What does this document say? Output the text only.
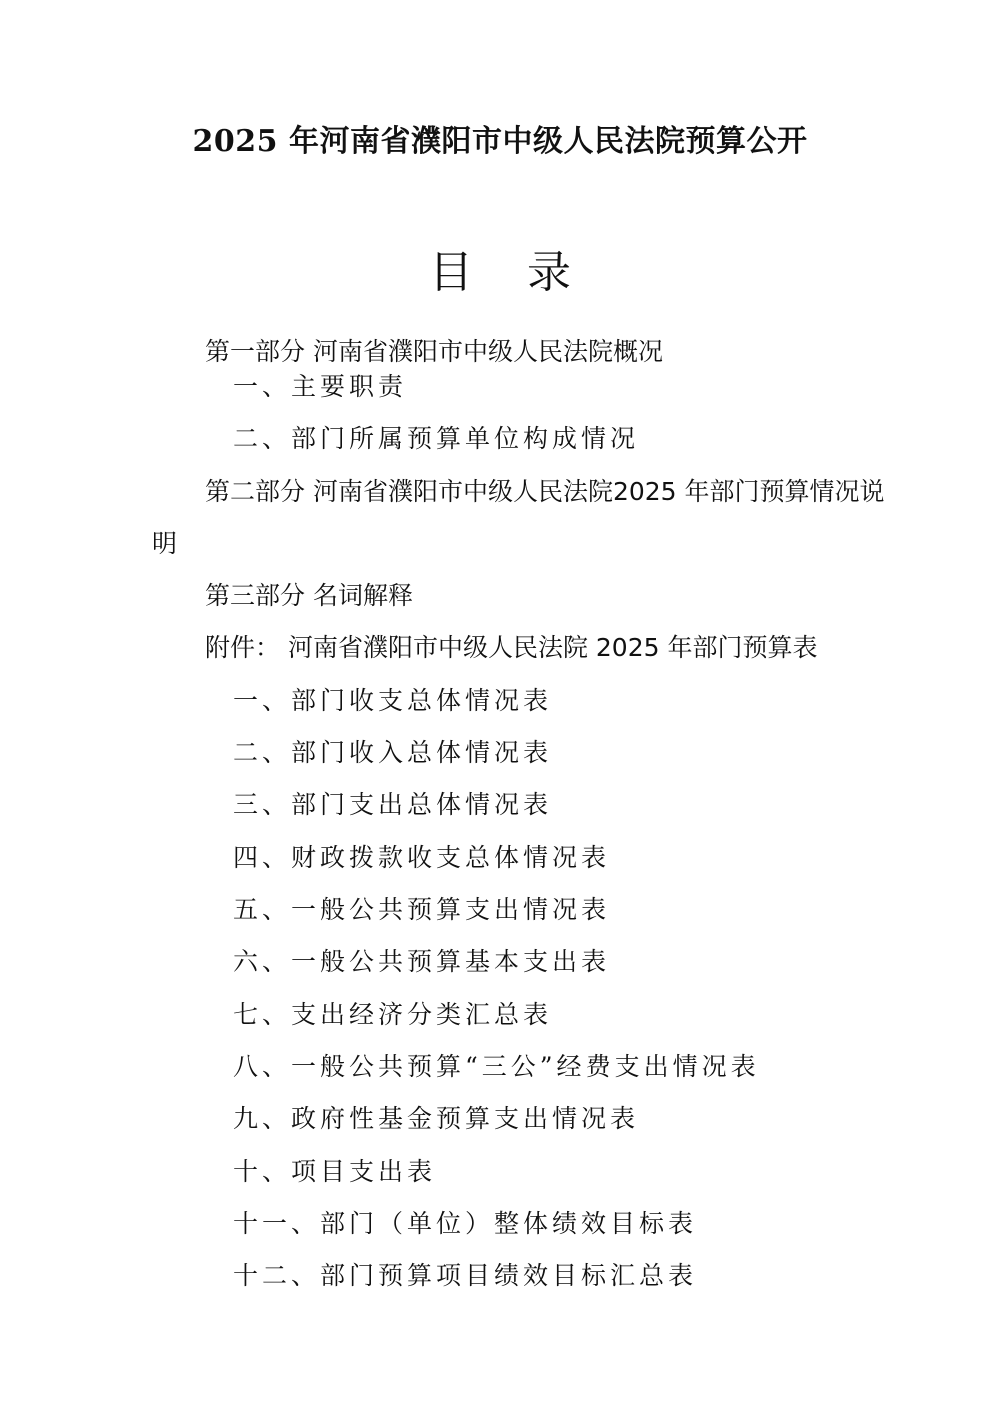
2025 年河南省濮阳市中级人民法院预算公开
目 录
第一部分 河南省濮阳市中级人民法院概况
一、主要职责
二、部门所属预算单位构成情况
第二部分 河南省濮阳市中级人民法院2025 年部门预算情况说
明
第三部分 名词解释
附件： 河南省濮阳市中级人民法院 2025 年部门预算表
一、部门收支总体情况表
二、部门收入总体情况表
三、部门支出总体情况表
四、财政拨款收支总体情况表
五、一般公共预算支出情况表
六、一般公共预算基本支出表
七、支出经济分类汇总表
八、一般公共预算“三公”经费支出情况表
九、政府性基金预算支出情况表
十、项目支出表
十一、部门（单位）整体绩效目标表
十二、部门预算项目绩效目标汇总表
